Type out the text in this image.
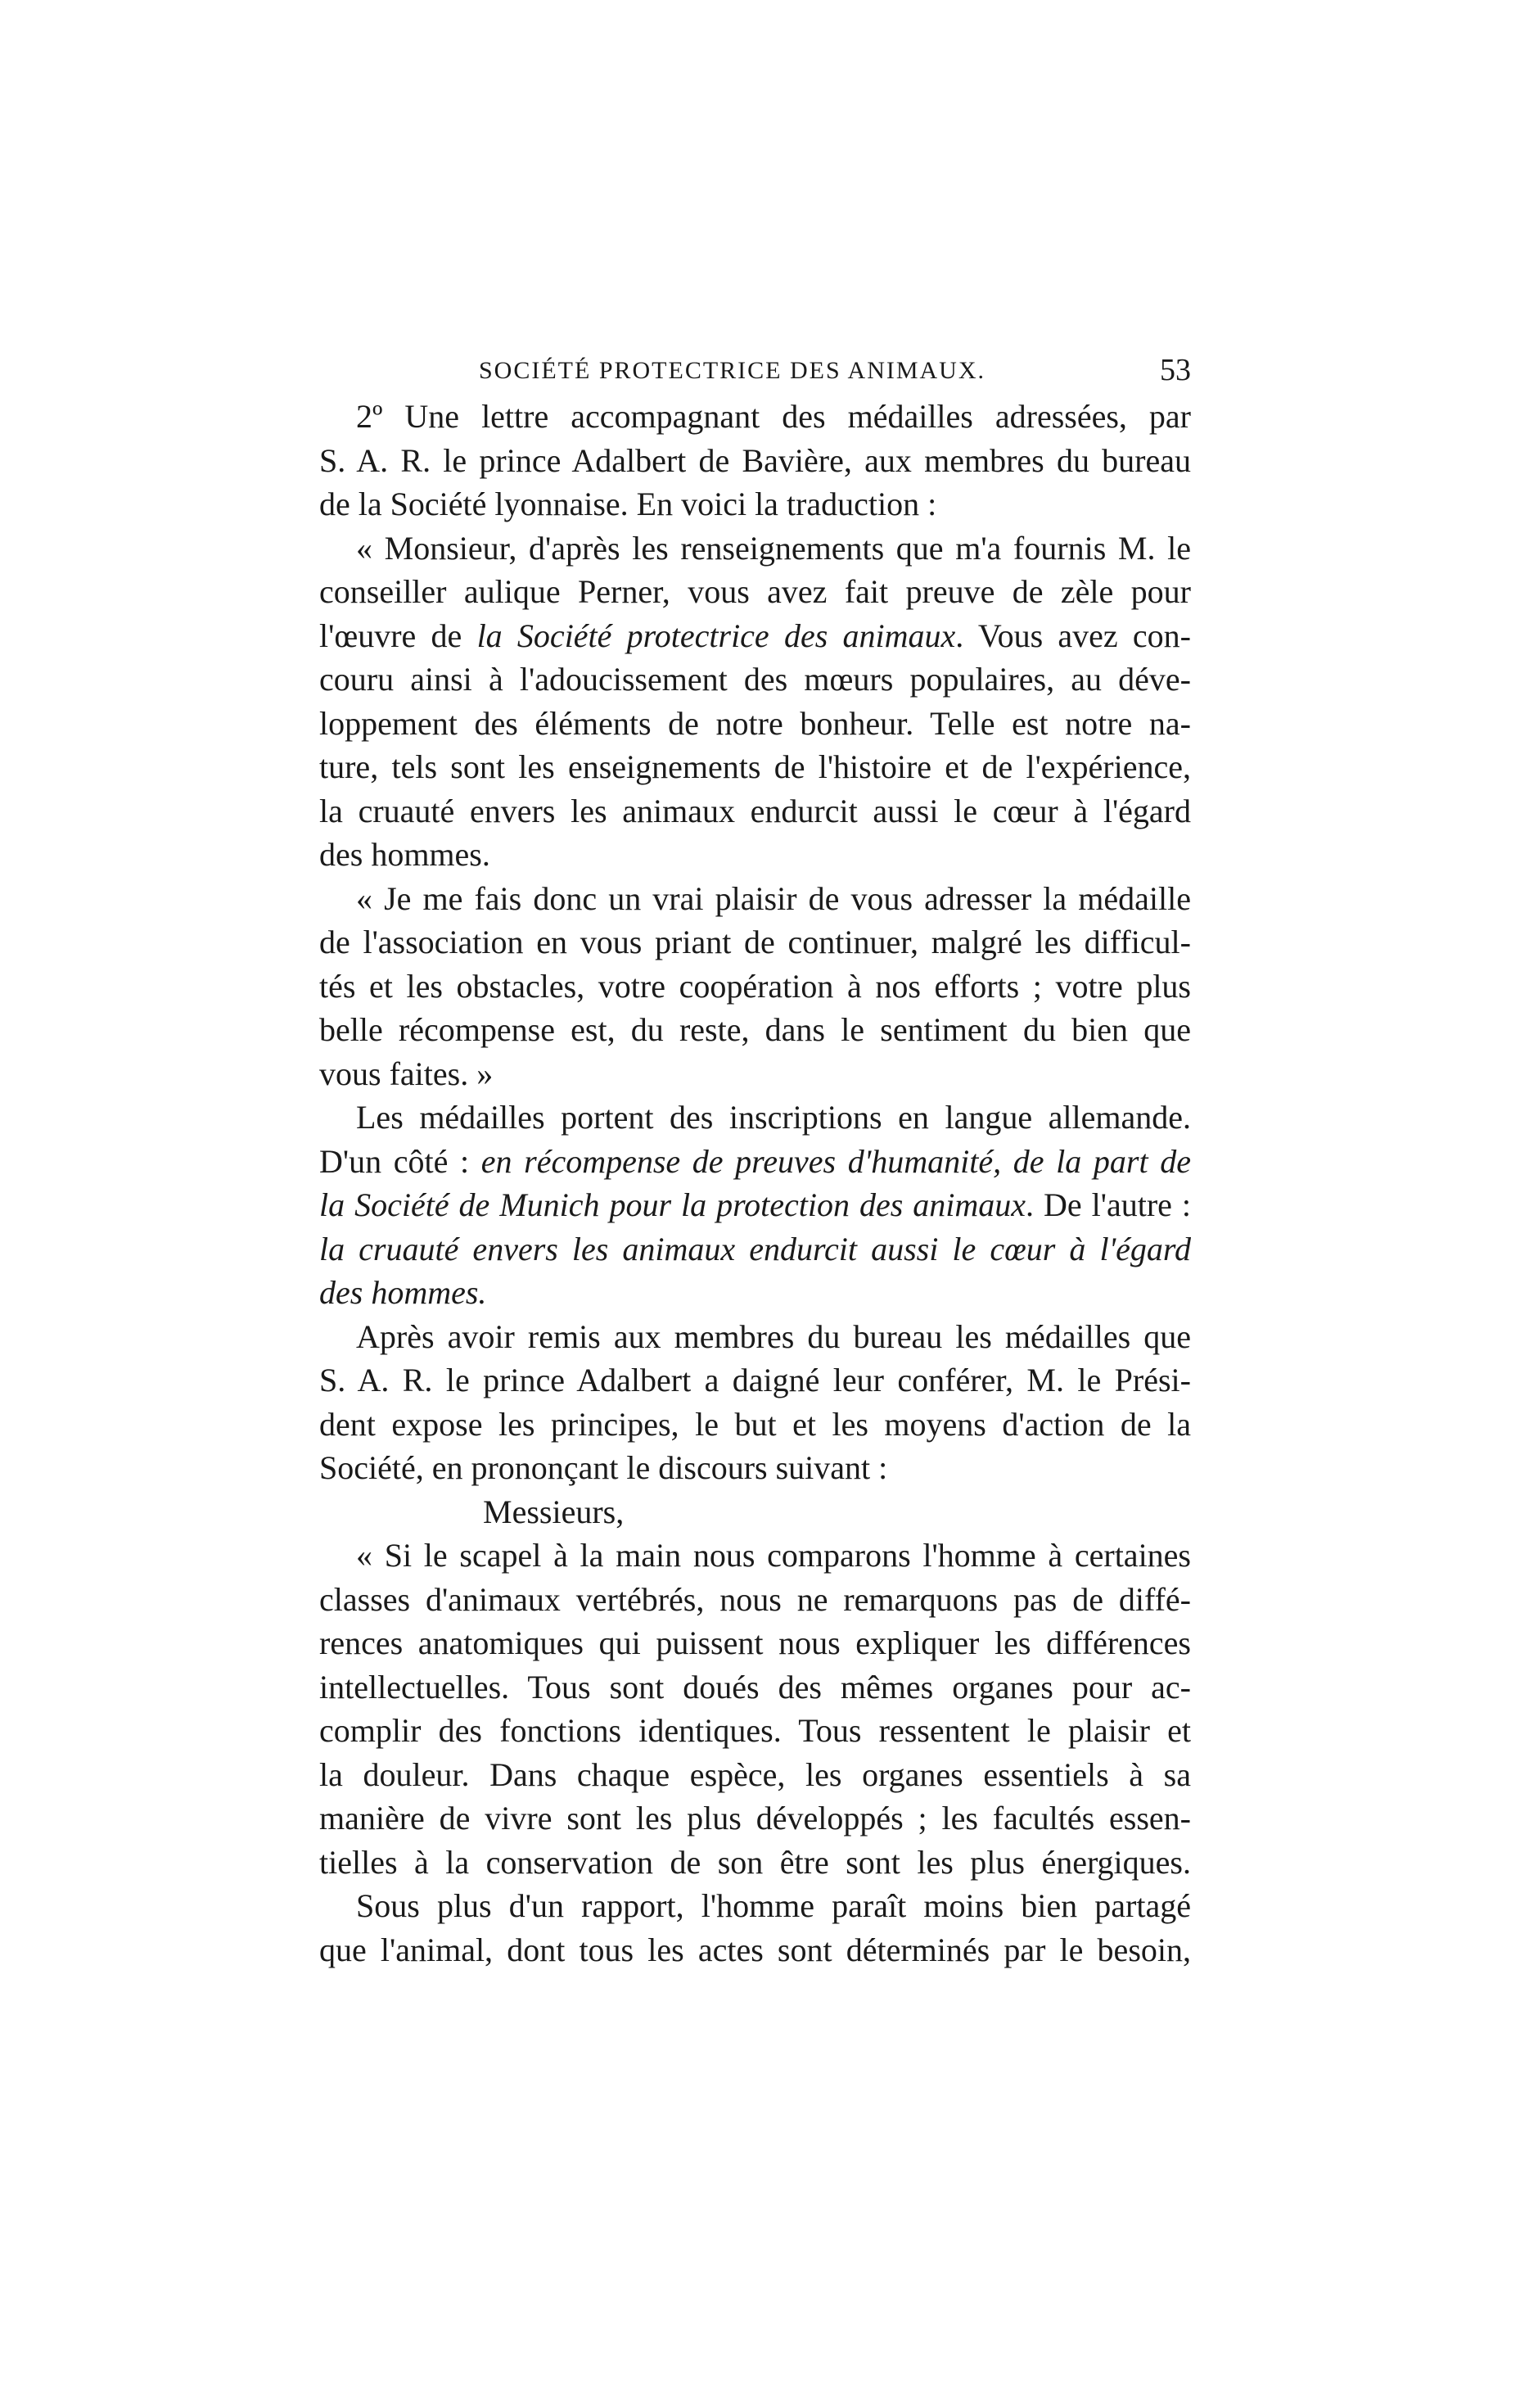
SOCIÉTÉ PROTECTRICE DES ANIMAUX.	53
2º Une lettre accompagnant des médailles adressées, par
S. A. R. le prince Adalbert de Bavière, aux membres du bureau
de la Société lyonnaise. En voici la traduction :
« Monsieur, d'après les renseignements que m'a fournis M. le
conseiller aulique Perner, vous avez fait preuve de zèle pour
l'œuvre de la Société protectrice des animaux. Vous avez con-
couru ainsi à l'adoucissement des mœurs populaires, au déve-
loppement des éléments de notre bonheur. Telle est notre na-
ture, tels sont les enseignements de l'histoire et de l'expérience,
la cruauté envers les animaux endurcit aussi le cœur à l'égard
des hommes.
« Je me fais donc un vrai plaisir de vous adresser la médaille
de l'association en vous priant de continuer, malgré les difficul-
tés et les obstacles, votre coopération à nos efforts ; votre plus
belle récompense est, du reste, dans le sentiment du bien que
vous faites. »
Les médailles portent des inscriptions en langue allemande.
D'un côté : en récompense de preuves d'humanité, de la part de
la Société de Munich pour la protection des animaux. De l'autre :
la cruauté envers les animaux endurcit aussi le cœur à l'égard
des hommes.
Après avoir remis aux membres du bureau les médailles que
S. A. R. le prince Adalbert a daigné leur conférer, M. le Prési-
dent expose les principes, le but et les moyens d'action de la
Société, en prononçant le discours suivant :
Messieurs,
« Si le scapel à la main nous comparons l'homme à certaines
classes d'animaux vertébrés, nous ne remarquons pas de diffé-
rences anatomiques qui puissent nous expliquer les différences
intellectuelles. Tous sont doués des mêmes organes pour ac-
complir des fonctions identiques. Tous ressentent le plaisir et
la douleur. Dans chaque espèce, les organes essentiels à sa
manière de vivre sont les plus développés ; les facultés essen-
tielles à la conservation de son être sont les plus énergiques.
Sous plus d'un rapport, l'homme paraît moins bien partagé
que l'animal, dont tous les actes sont déterminés par le besoin,
